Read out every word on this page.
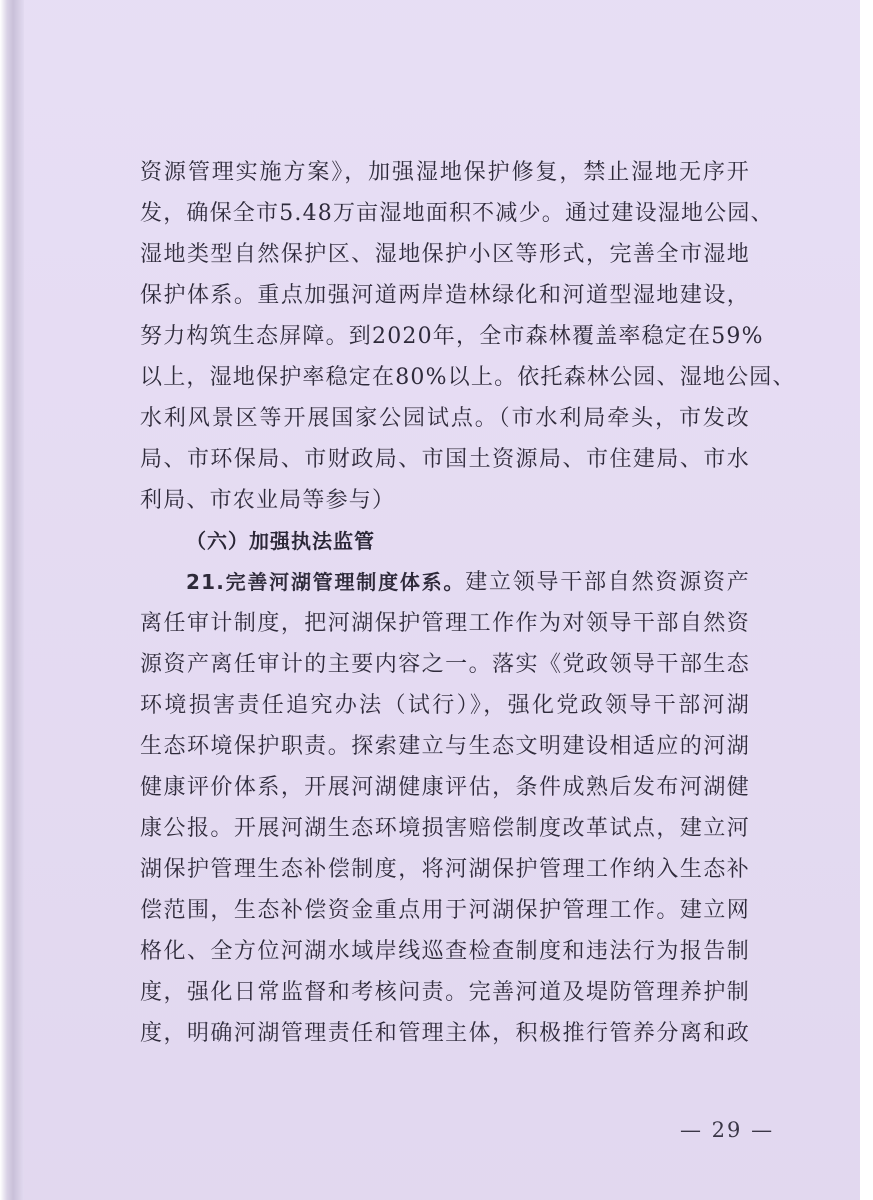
资源管理实施方案》，加强湿地保护修复，禁止湿地无序开
发，确保全市5.48万亩湿地面积不减少。通过建设湿地公园、
湿地类型自然保护区、湿地保护小区等形式，完善全市湿地
保护体系。重点加强河道两岸造林绿化和河道型湿地建设，
努力构筑生态屏障。到2020年，全市森林覆盖率稳定在59%
以上，湿地保护率稳定在80%以上。依托森林公园、湿地公园、
水利风景区等开展国家公园试点。（市水利局牵头，市发改
局、市环保局、市财政局、市国土资源局、市住建局、市水
利局、市农业局等参与）
（六）加强执法监管
21.完善河湖管理制度体系。建立领导干部自然资源资产
离任审计制度，把河湖保护管理工作作为对领导干部自然资
源资产离任审计的主要内容之一。落实《党政领导干部生态
环境损害责任追究办法（试行）》，强化党政领导干部河湖
生态环境保护职责。探索建立与生态文明建设相适应的河湖
健康评价体系，开展河湖健康评估，条件成熟后发布河湖健
康公报。开展河湖生态环境损害赔偿制度改革试点，建立河
湖保护管理生态补偿制度，将河湖保护管理工作纳入生态补
偿范围，生态补偿资金重点用于河湖保护管理工作。建立网
格化、全方位河湖水域岸线巡查检查制度和违法行为报告制
度，强化日常监督和考核问责。完善河道及堤防管理养护制
度，明确河湖管理责任和管理主体，积极推行管养分离和政
— 29 —
